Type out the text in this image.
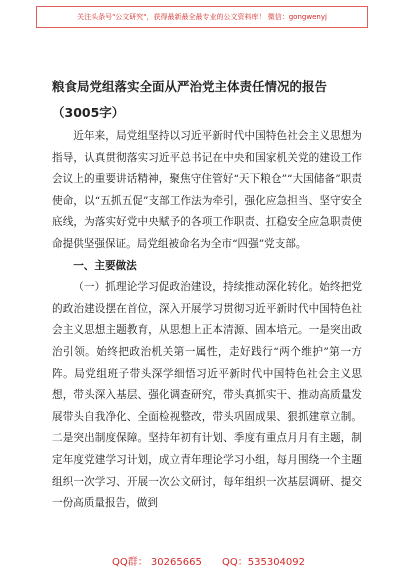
关注头条号"公文研究"，获得最新最全最专业的公文资料库！ 微信：gongwenyj
粮食局党组落实全面从严治党主体责任情况的报告（3005字）

近年来，局党组坚持以习近平新时代中国特色社会主义思想为指导，认真贯彻落实习近平总书记在中央和国家机关党的建设工作会议上的重要讲话精神，聚焦守住管好“天下粮仓”“大国储备”职责使命，以“五抓五促”支部工作法为牵引，强化应急担当、坚守安全底线，为落实好党中央赋予的各项工作职责、扛稳安全应急职责使命提供坚强保证。局党组被命名为全市“四强”党支部。

一、主要做法

（一）抓理论学习促政治建设，持续推动深化转化。始终把党的政治建设摆在首位，深入开展学习贯彻习近平新时代中国特色社会主义思想主题教育，从思想上正本清源、固本培元。一是突出政治引领。始终把政治机关第一属性，走好践行“两个维护”第一方阵。局党组班子带头深学细悟习近平新时代中国特色社会主义思想，带头深入基层、强化调查研究，带头真抓实干、推动高质量发展带头自我净化、全面检视整改，带头巩固成果、狠抓建章立制。二是突出制度保障。坚持年初有计划、季度有重点月月有主题，制定年度党建学习计划，成立青年理论学习小组，每月围绕一个主题组织一次学习、开展一次公文研讨，每年组织一次基层调研、提交一份高质量报告，做到

QQ群： 30265665 QQ：535304092
